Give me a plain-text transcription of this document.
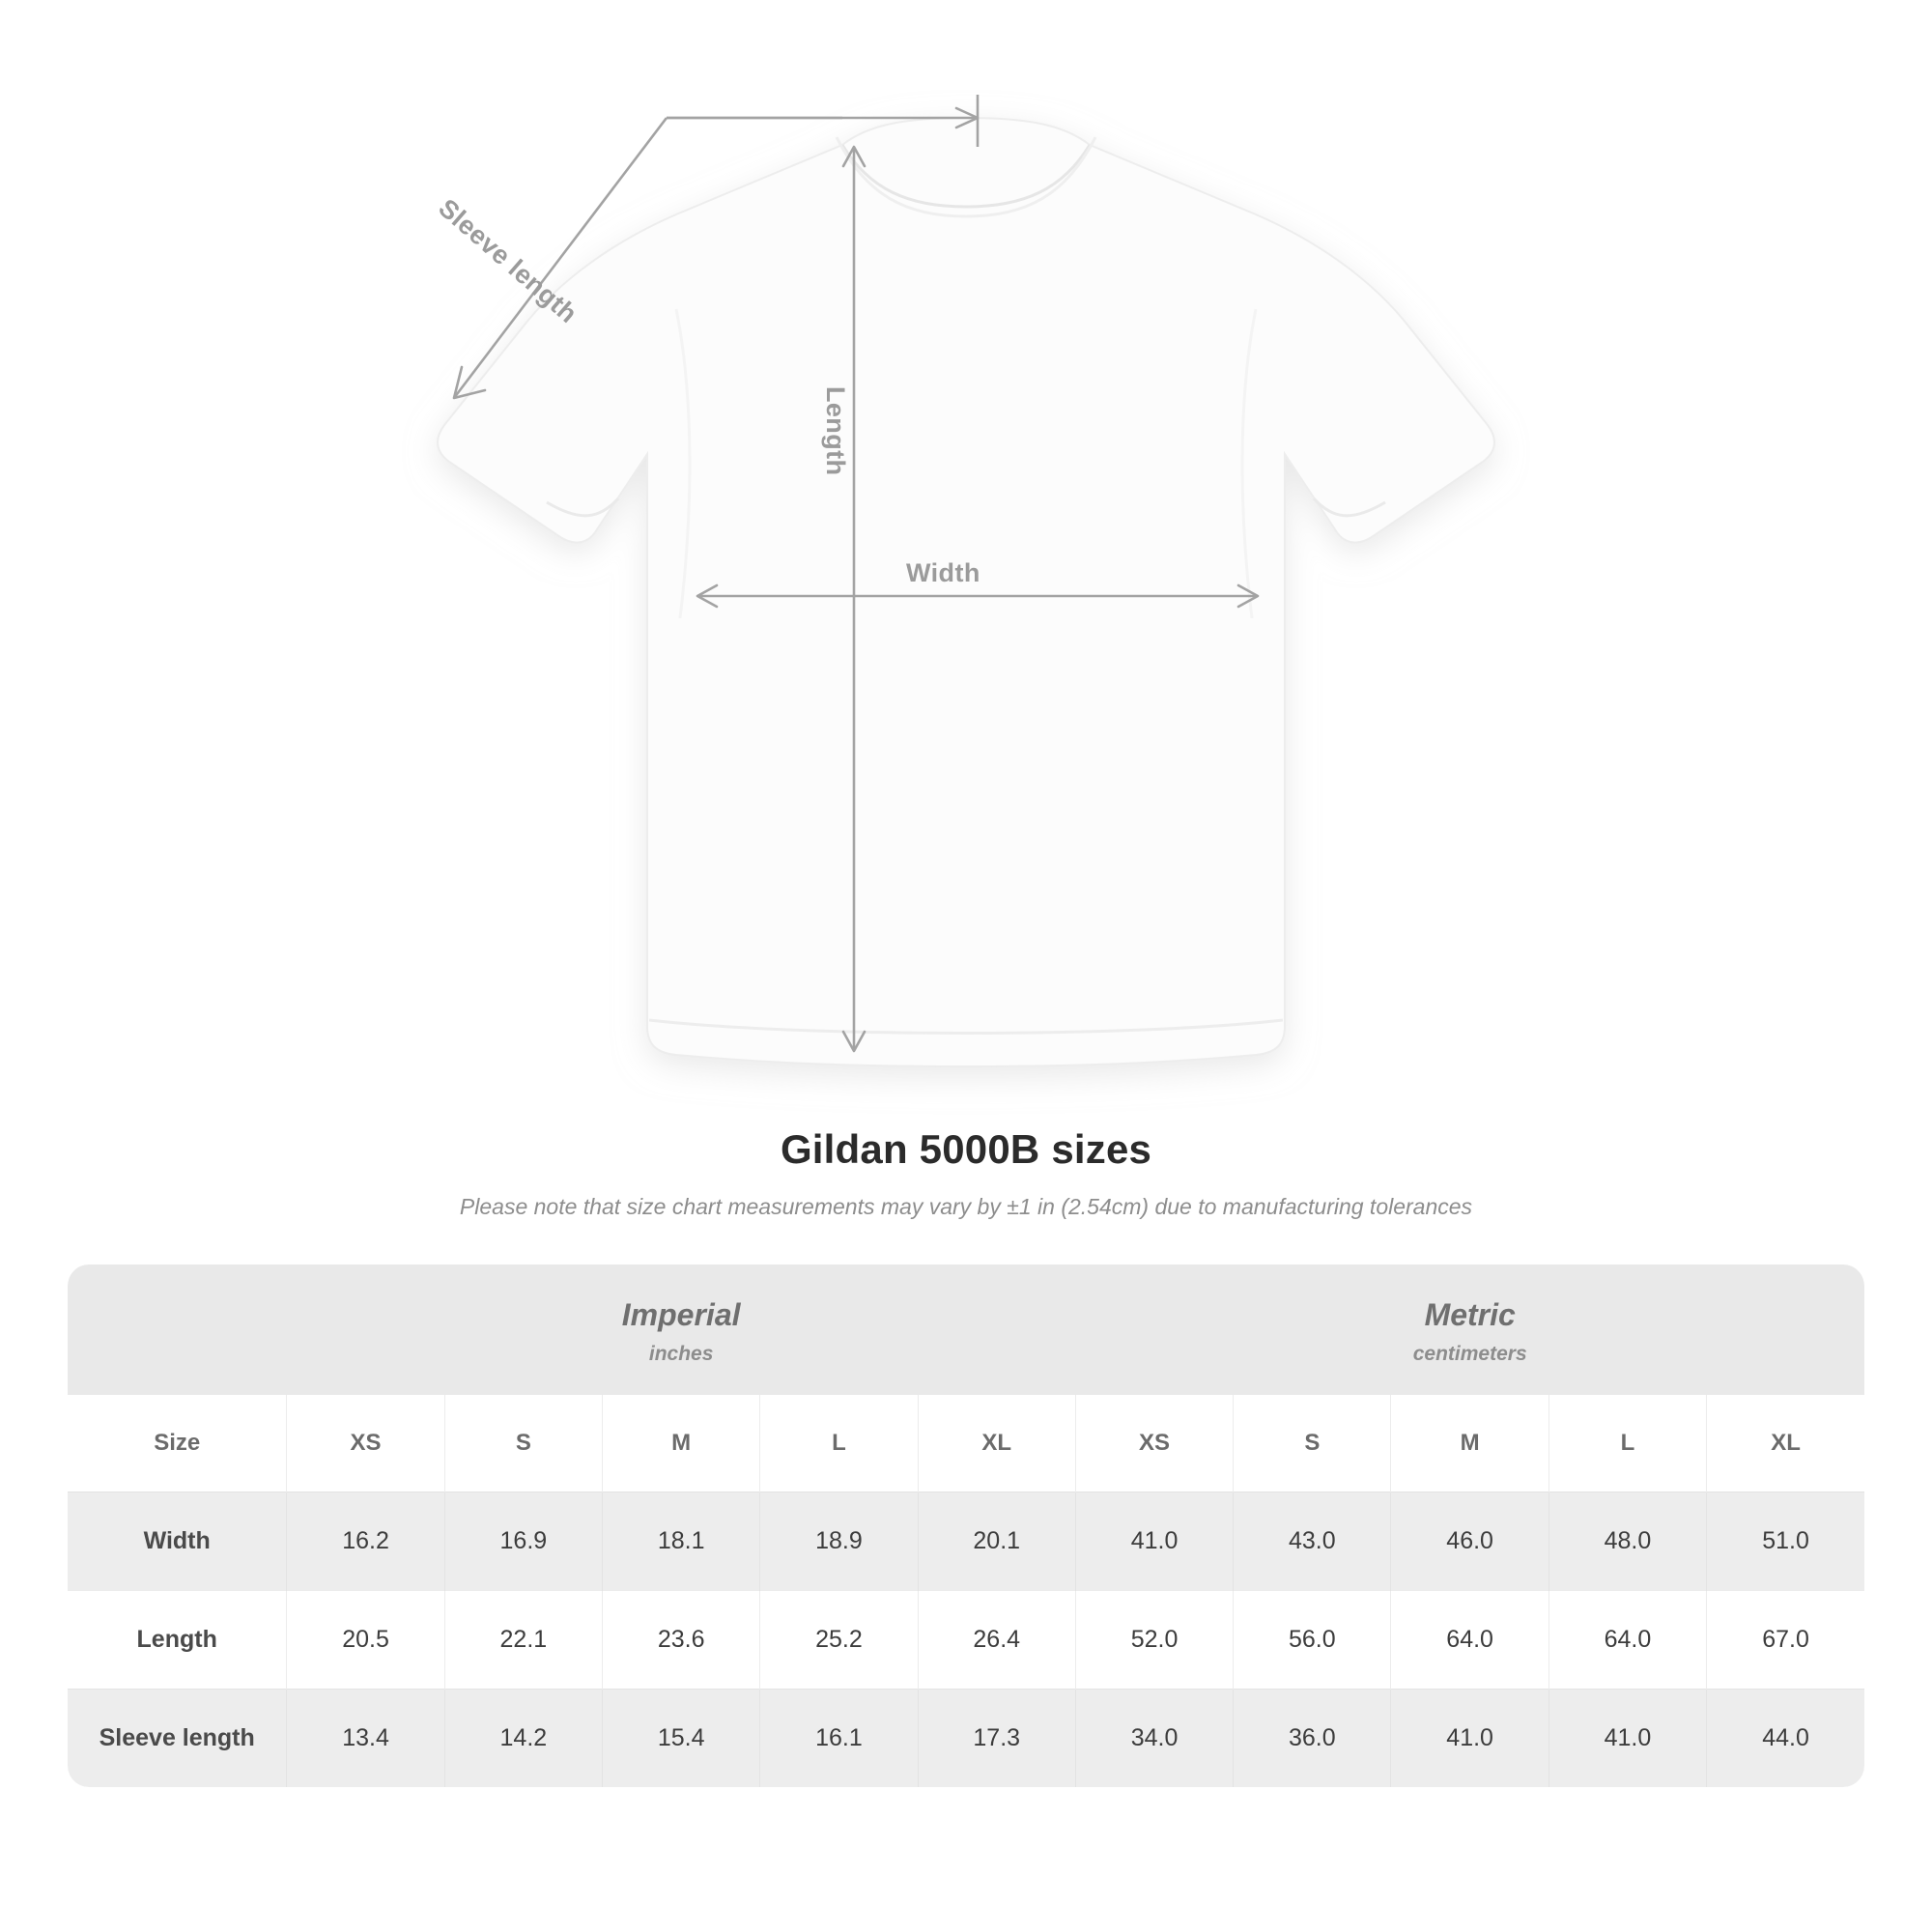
Width
Length
Sleeve length
Gildan 5000B sizes

Please note that size chart measurements may vary by ±1 in (2.54cm) due to manufacturing tolerances

	Imperial
inches					Metric
centimeters				

Size	XS	S	M	L	XL	XS	S	M	L	XL
Width	16.2	16.9	18.1	18.9	20.1	41.0	43.0	46.0	48.0	51.0
Length	20.5	22.1	23.6	25.2	26.4	52.0	56.0	64.0	64.0	67.0
Sleeve length	13.4	14.2	15.4	16.1	17.3	34.0	36.0	41.0	41.0	44.0
